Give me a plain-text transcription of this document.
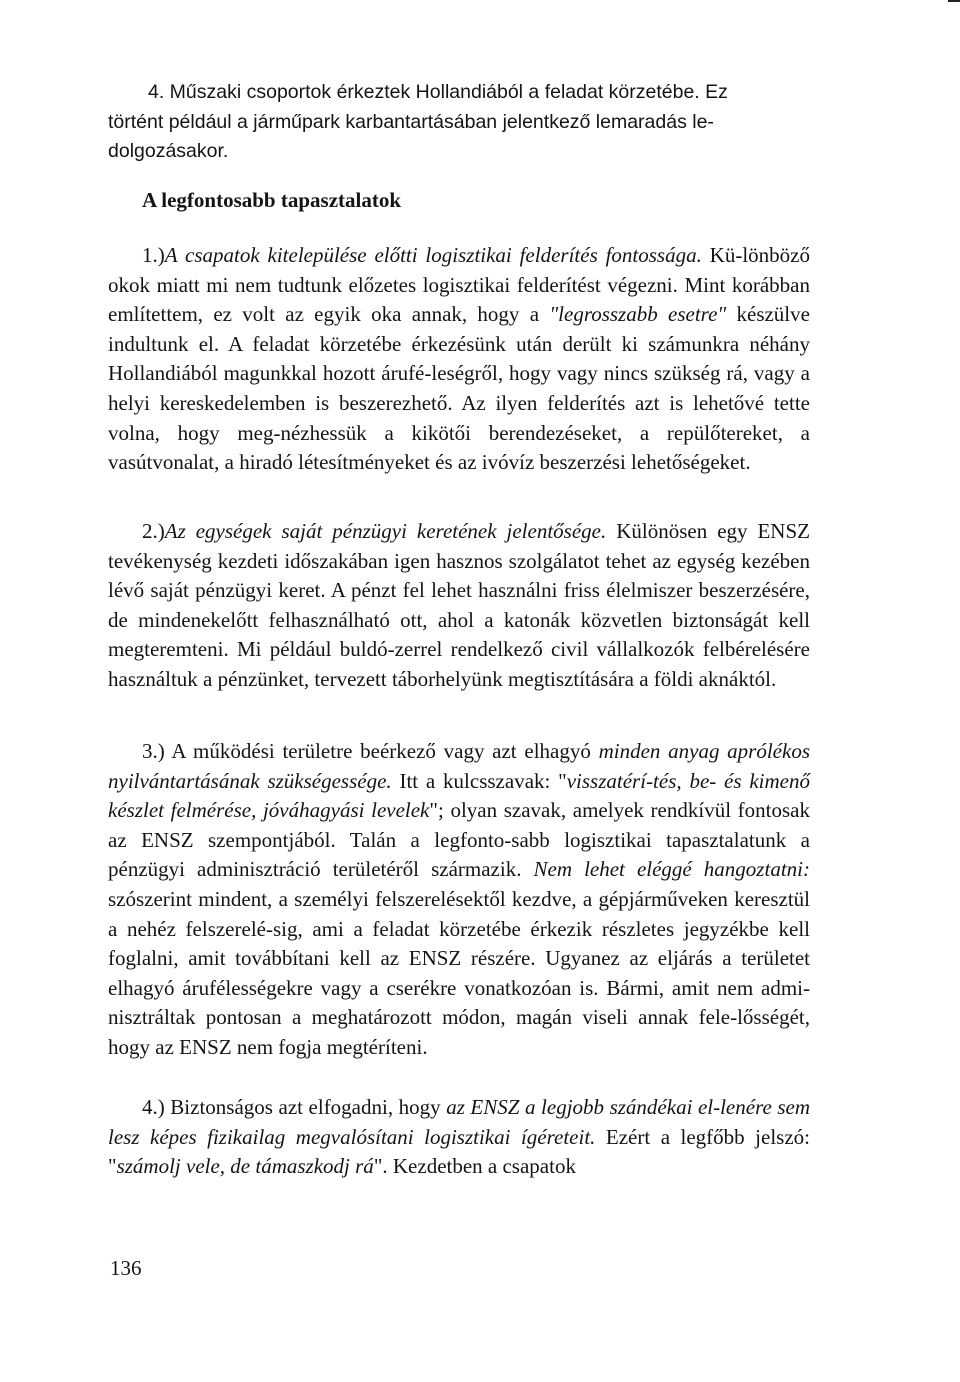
4. Műszaki csoportok érkeztek Hollandiából a feladat körzetébe. Ez
történt például a járműpark karbantartásában jelentkező lemaradás le-
dolgozásakor.
A legfontosabb tapasztalatok

1.)A csapatok kitelepülése előtti logisztikai felderítés fontossága. Kü-lönböző okok miatt mi nem tudtunk előzetes logisztikai felderítést végezni. Mint korábban említettem, ez volt az egyik oka annak, hogy a "legrosszabb esetre" készülve indultunk el. A feladat körzetébe érkezésünk után derült ki számunkra néhány Hollandiából magunkkal hozott árufé-leségről, hogy vagy nincs szükség rá, vagy a helyi kereskedelemben is beszerezhető. Az ilyen felderítés azt is lehetővé tette volna, hogy meg-nézhessük a kikötői berendezéseket, a repülőtereket, a vasútvonalat, a hiradó létesítményeket és az ivóvíz beszerzési lehetőségeket.

2.)Az egységek saját pénzügyi keretének jelentősége. Különösen egy ENSZ tevékenység kezdeti időszakában igen hasznos szolgálatot tehet az egység kezében lévő saját pénzügyi keret. A pénzt fel lehet használni friss élelmiszer beszerzésére, de mindenekelőtt felhasználható ott, ahol a katonák közvetlen biztonságát kell megteremteni. Mi például buldó-zerrel rendelkező civil vállalkozók felbérelésére használtuk a pénzünket, tervezett táborhelyünk megtisztítására a földi aknáktól.

3.) A működési területre beérkező vagy azt elhagyó minden anyag aprólékos nyilvántartásának szükségessége. Itt a kulcsszavak: "visszatérí-tés, be- és kimenő készlet felmérése, jóváhagyási levelek"; olyan szavak, amelyek rendkívül fontosak az ENSZ szempontjából. Talán a legfonto-sabb logisztikai tapasztalatunk a pénzügyi adminisztráció területéről származik. Nem lehet eléggé hangoztatni: szószerint mindent, a személyi felszerelésektől kezdve, a gépjárműveken keresztül a nehéz felszerelé-sig, ami a feladat körzetébe érkezik részletes jegyzékbe kell foglalni, amit továbbítani kell az ENSZ részére. Ugyanez az eljárás a területet elhagyó árufélességekre vagy a cserékre vonatkozóan is. Bármi, amit nem admi-nisztráltak pontosan a meghatározott módon, magán viseli annak fele-lősségét, hogy az ENSZ nem fogja megtéríteni.

4.) Biztonságos azt elfogadni, hogy az ENSZ a legjobb szándékai el-lenére sem lesz képes fizikailag megvalósítani logisztikai ígéreteit. Ezért a legfőbb jelszó: "számolj vele, de támaszkodj rá". Kezdetben a csapatok

136
